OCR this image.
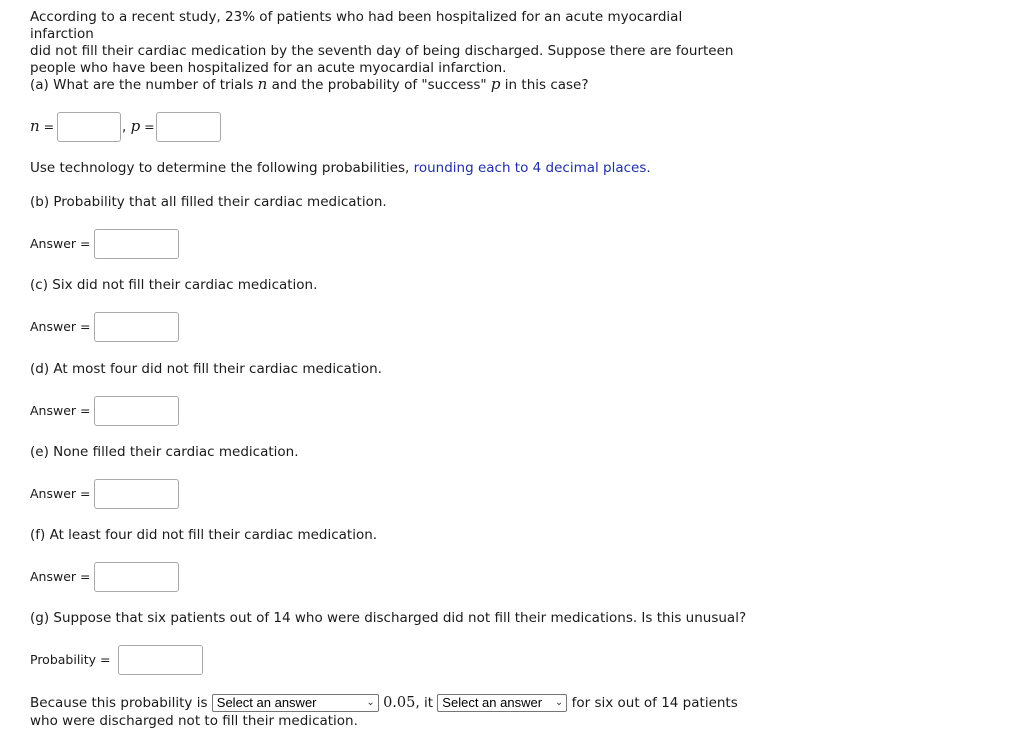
According to a recent study, 23% of patients who had been hospitalized for an acute myocardial infarction
did not fill their cardiac medication by the seventh day of being discharged. Suppose there are fourteen
people who have been hospitalized for an acute myocardial infarction.
(a) What are the number of trials n and the probability of "success" p in this case?
n =	, p =
Use technology to determine the following probabilities, rounding each to 4 decimal places.
(b) Probability that all filled their cardiac medication.
Answer =
(c) Six did not fill their cardiac medication.
Answer =
(d) At most four did not fill their cardiac medication.
Answer =
(e) None filled their cardiac medication.
Answer =
(f) At least four did not fill their cardiac medication.
Answer =
(g) Suppose that six patients out of 14 who were discharged did not fill their medications. Is this unusual?
Probability =
Because this probability is Select an answer	⌄ 0.05, it Select an answer ⌄ for six out of 14 patients
who were discharged not to fill their medication.
